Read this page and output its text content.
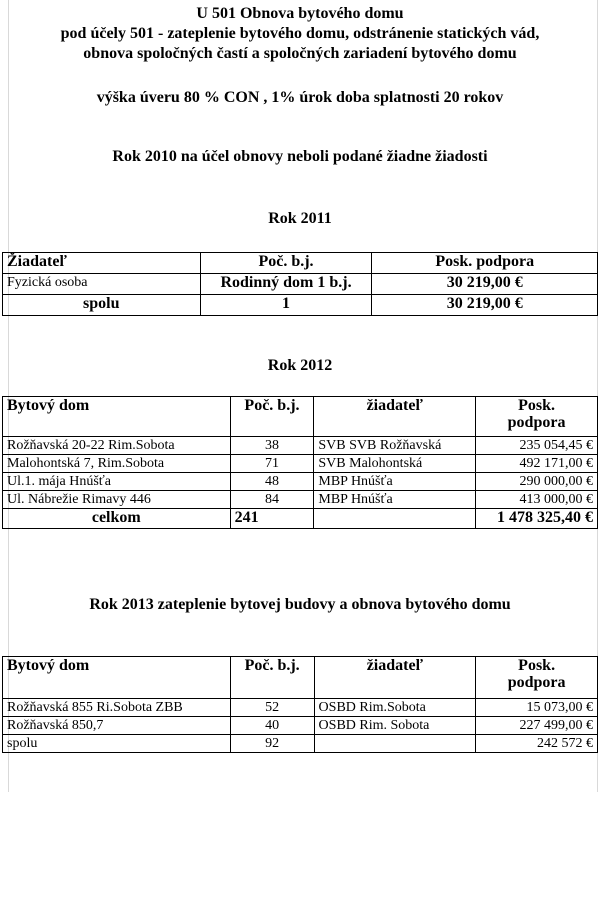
U 501 Obnova bytového domu
pod účely 501 - zateplenie bytového domu, odstránenie statických vád,
obnova spoločných častí a spoločných zariadení bytového domu
výška úveru 80 % CON , 1% úrok doba splatnosti 20 rokov
Rok 2010 na účel obnovy neboli podané žiadne žiadosti
Rok 2011
Žiadateľ	Poč. b.j.	Posk. podpora
Fyzická osoba	Rodinný dom 1 b.j.	30 219,00 €
spolu	1	30 219,00 €
Rok 2012
Bytový dom	Poč. b.j.	žiadateľ	Posk.
podpora

Rožňavská 20-22 Rim.Sobota	38	SVB SVB Rožňavská	235 054,45 €
Malohontská 7, Rim.Sobota	71	SVB Malohontská	492 171,00 €
Ul.1. mája Hnúšťa	48	MBP Hnúšťa	290 000,00 €
Ul. Nábrežie Rimavy 446	84	MBP Hnúšťa	413 000,00 €
celkom	241		1 478 325,40 €
Rok 2013 zateplenie bytovej budovy a obnova bytového domu
Bytový dom	Poč. b.j.	žiadateľ	Posk.
podpora

Rožňavská 855 Ri.Sobota ZBB	52	OSBD Rim.Sobota	15 073,00 €
Rožňavská 850,7	40	OSBD Rim. Sobota	227 499,00 €
spolu	92		242 572 €
